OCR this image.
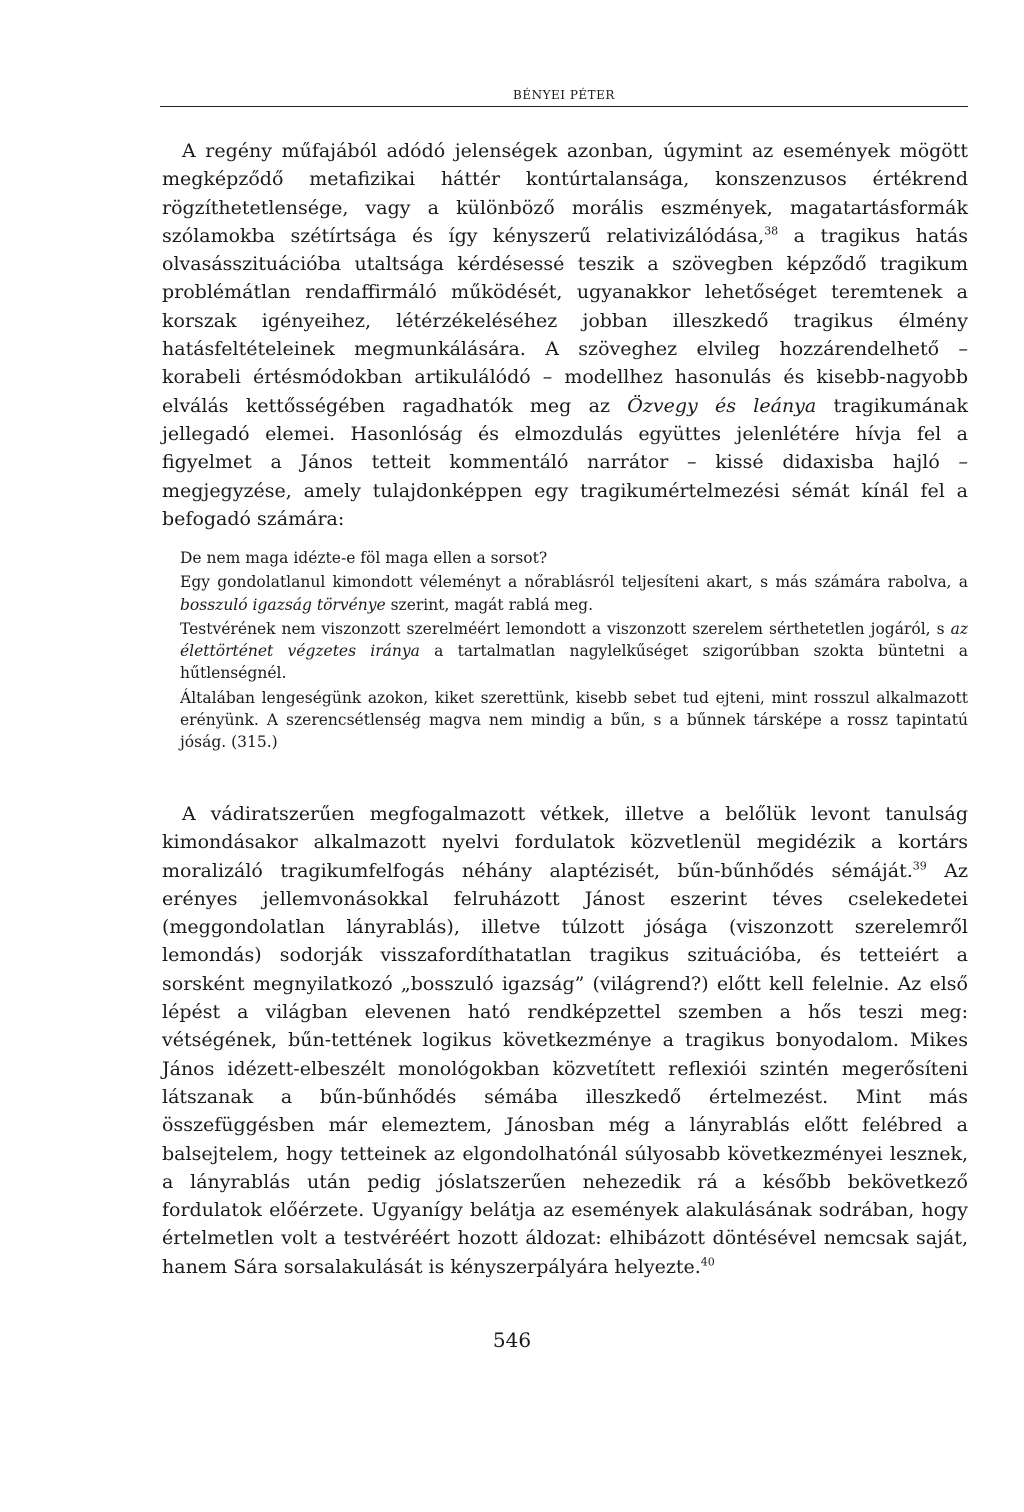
BÉNYEI PÉTER

A regény műfajából adódó jelenségek azonban, úgymint az események mögött megképződő metafizikai háttér kontúrtalansága, konszenzusos értékrend rögzíthetetlensége, vagy a különböző morális eszmények, magatartásformák szólamokba szétírtsága és így kényszerű relativizálódása,$^{38}$ a tragikus hatás olvasásszituációba utaltsága kérdésessé teszik a szövegben képződő tragikum problémátlan rendaffirmáló működését, ugyanakkor lehetőséget teremtenek a korszak igényeihez, létérzékeléséhez jobban illeszkedő tragikus élmény hatásfeltételeinek megmunkálására. A szöveghez elvileg hozzárendelhető – korabeli értésmódokban artikulálódó – modellhez hasonulás és kisebb-nagyobb elválás kettősségében ragadhatók meg az Özvegy és leánya tragikumának jellegadó elemei. Hasonlóság és elmozdulás együttes jelenlétére hívja fel a figyelmet a János tetteit kommentáló narrátor – kissé didaxisba hajló – megjegyzése, amely tulajdonképpen egy tragikumértelmezési sémát kínál fel a befogadó számára:

De nem maga idézte-e föl maga ellen a sorsot?

Egy gondolatlanul kimondott véleményt a nőrablásról teljesíteni akart, s más számára rabolva, a bosszuló igazság törvénye szerint, magát rablá meg.

Testvérének nem viszonzott szerelméért lemondott a viszonzott szerelem sérthetetlen jogáról, s az élettörténet végzetes iránya a tartalmatlan nagylelkűséget szigorúbban szokta büntetni a hűtlenségnél.

Általában lengeségünk azokon, kiket szerettünk, kisebb sebet tud ejteni, mint rosszul alkalmazott erényünk. A szerencsétlenség magva nem mindig a bűn, s a bűnnek társképe a rossz tapintatú jóság. (315.)

A vádiratszerűen megfogalmazott vétkek, illetve a belőlük levont tanulság kimondásakor alkalmazott nyelvi fordulatok közvetlenül megidézik a kortárs moralizáló tragikumfelfogás néhány alaptézisét, bűn-bűnhődés sémáját.$^{39}$ Az erényes jellemvonásokkal felruházott Jánost eszerint téves cselekedetei (meggondolatlan lányrablás), illetve túlzott jósága (viszonzott szerelemről lemondás) sodorják visszafordíthatatlan tragikus szituációba, és tetteiért a sorsként megnyilatkozó „bosszuló igazság” (világrend?) előtt kell felelnie. Az első lépést a világban elevenen ható rendképzettel szemben a hős teszi meg: vétségének, bűn-tettének logikus következménye a tragikus bonyodalom. Mikes János idézett-elbeszélt monológokban közvetített reflexiói szintén megerősíteni látszanak a bűn-bűnhődés sémába illeszkedő értelmezést. Mint más összefüggésben már elemeztem, Jánosban még a lányrablás előtt felébred a balsejtelem, hogy tetteinek az elgondolhatónál súlyosabb következményei lesznek, a lányrablás után pedig jóslatszerűen nehezedik rá a később bekövetkező fordulatok előérzete. Ugyanígy belátja az események alakulásának sodrában, hogy értelmetlen volt a testvéréért hozott áldozat: elhibázott döntésével nemcsak saját, hanem Sára sorsalakulását is kényszerpályára helyezte.$^{40}$

546
